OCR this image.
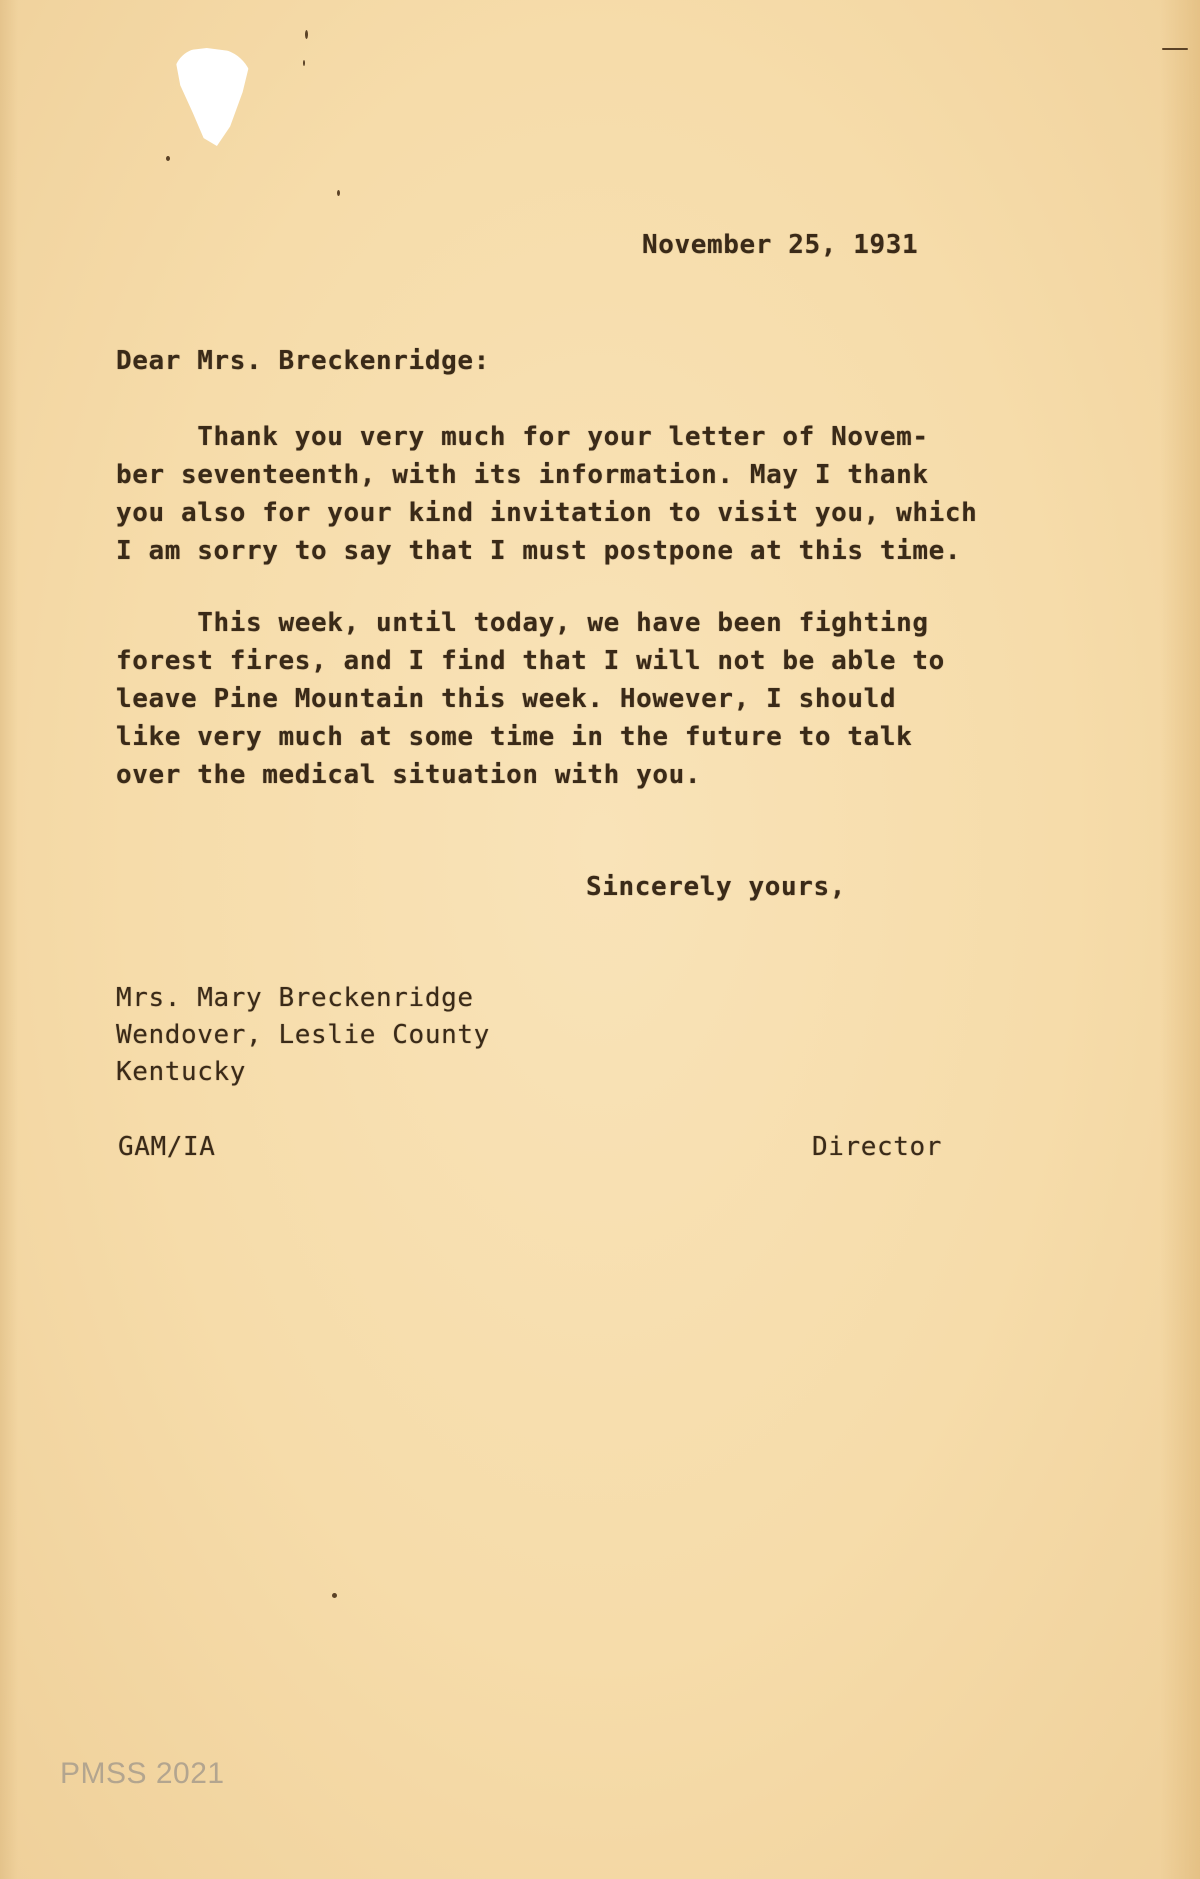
November 25, 1931

Dear Mrs. Breckenridge:

Thank you very much for your letter of Novem-
ber seventeenth, with its information. May I thank
you also for your kind invitation to visit you, which
I am sorry to say that I must postpone at this time.

This week, until today, we have been fighting
forest fires, and I find that I will not be able to
leave Pine Mountain this week. However, I should
like very much at some time in the future to talk
over the medical situation with you.

Sincerely yours,

Mrs. Mary Breckenridge
Wendover, Leslie County
Kentucky

GAM/IA	Director

PMSS 2021
